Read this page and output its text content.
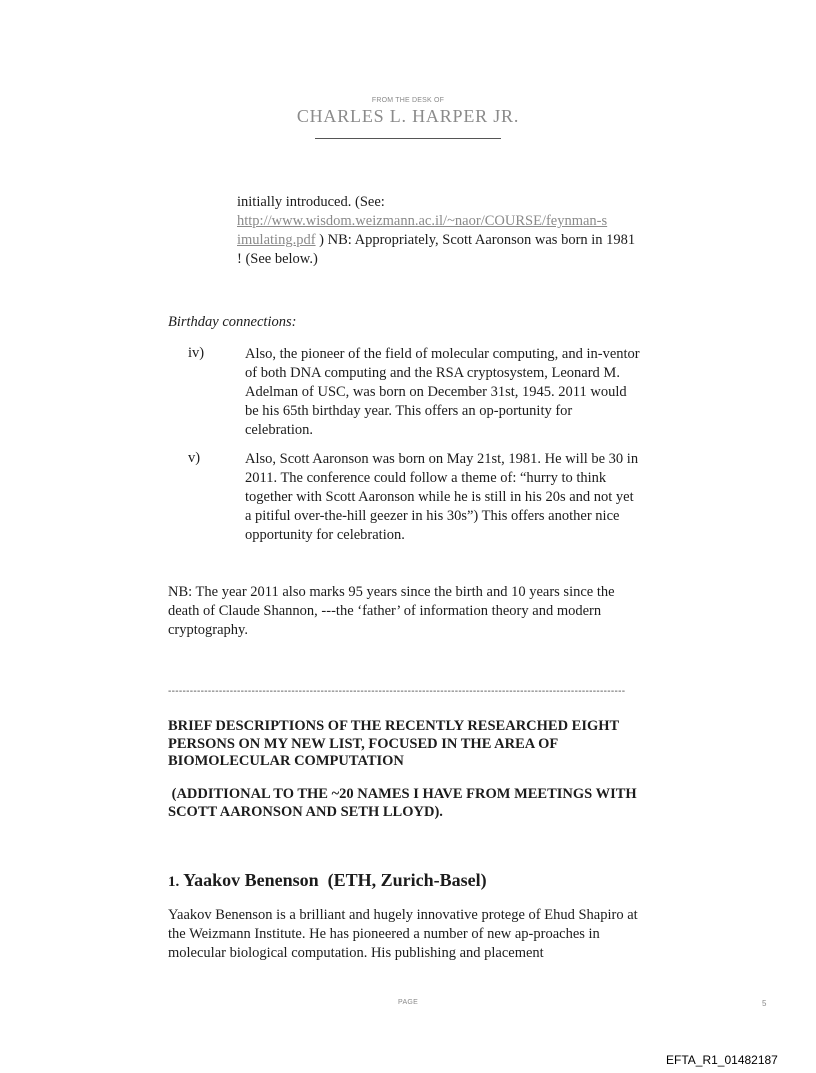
FROM THE DESK OF
CHARLES L. HARPER JR.

initially introduced. (See:
http://www.wisdom.weizmann.ac.il/~naor/COURSE/feynman-s
imulating.pdf ) NB: Appropriately, Scott Aaronson was born in 1981 ! (See below.)

Birthday connections:
iv)	Also, the pioneer of the field of molecular computing, and in-ventor of both DNA computing and the RSA cryptosystem, Leonard M. Adelman of USC, was born on December 31st, 1945. 2011 would be his 65th birthday year. This offers an op-portunity for celebration.

v)	Also, Scott Aaronson was born on May 21st, 1981. He will be 30 in 2011. The conference could follow a theme of: “hurry to think together with Scott Aaronson while he is still in his 20s and not yet a pitiful over-the-hill geezer in his 30s”) This offers another nice opportunity for celebration.

NB: The year 2011 also marks 95 years since the birth and 10 years since the death of Claude Shannon, ---the ‘father’ of information theory and modern cryptography.

------------------------------------------------------------------------------------------------------------------------------

BRIEF DESCRIPTIONS OF THE RECENTLY RESEARCHED EIGHT PERSONS ON MY NEW LIST, FOCUSED IN THE AREA OF BIOMOLECULAR COMPUTATION

(ADDITIONAL TO THE ~20 NAMES I HAVE FROM MEETINGS WITH SCOTT AARONSON AND SETH LLOYD).

1. Yaakov Benenson  (ETH, Zurich-Basel)

Yaakov Benenson is a brilliant and hugely innovative protege of Ehud Shapiro at the Weizmann Institute. He has pioneered a number of new ap-proaches in molecular biological computation. His publishing and placement

PAGE	5
EFTA_R1_01482187
